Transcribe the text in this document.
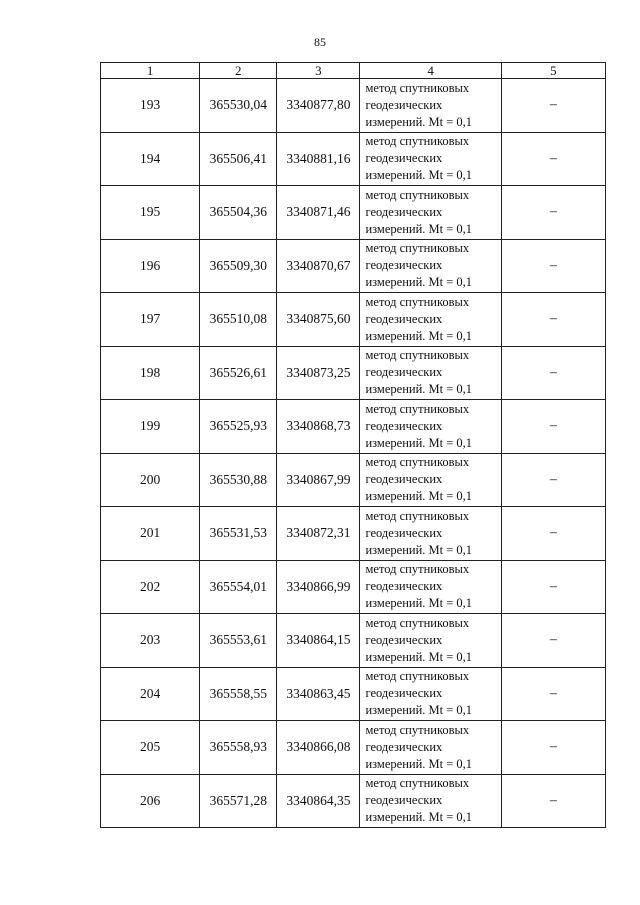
85
1	2	3	4	5
193	365530,04	3340877,80	метод спутниковых
геодезических
измерений. Mt = 0,1	–
194	365506,41	3340881,16	метод спутниковых
геодезических
измерений. Mt = 0,1	–
195	365504,36	3340871,46	метод спутниковых
геодезических
измерений. Mt = 0,1	–
196	365509,30	3340870,67	метод спутниковых
геодезических
измерений. Mt = 0,1	–
197	365510,08	3340875,60	метод спутниковых
геодезических
измерений. Mt = 0,1	–
198	365526,61	3340873,25	метод спутниковых
геодезических
измерений. Mt = 0,1	–
199	365525,93	3340868,73	метод спутниковых
геодезических
измерений. Mt = 0,1	–
200	365530,88	3340867,99	метод спутниковых
геодезических
измерений. Mt = 0,1	–
201	365531,53	3340872,31	метод спутниковых
геодезических
измерений. Mt = 0,1	–
202	365554,01	3340866,99	метод спутниковых
геодезических
измерений. Mt = 0,1	–
203	365553,61	3340864,15	метод спутниковых
геодезических
измерений. Mt = 0,1	–
204	365558,55	3340863,45	метод спутниковых
геодезических
измерений. Mt = 0,1	–
205	365558,93	3340866,08	метод спутниковых
геодезических
измерений. Mt = 0,1	–
206	365571,28	3340864,35	метод спутниковых
геодезических
измерений. Mt = 0,1	–
